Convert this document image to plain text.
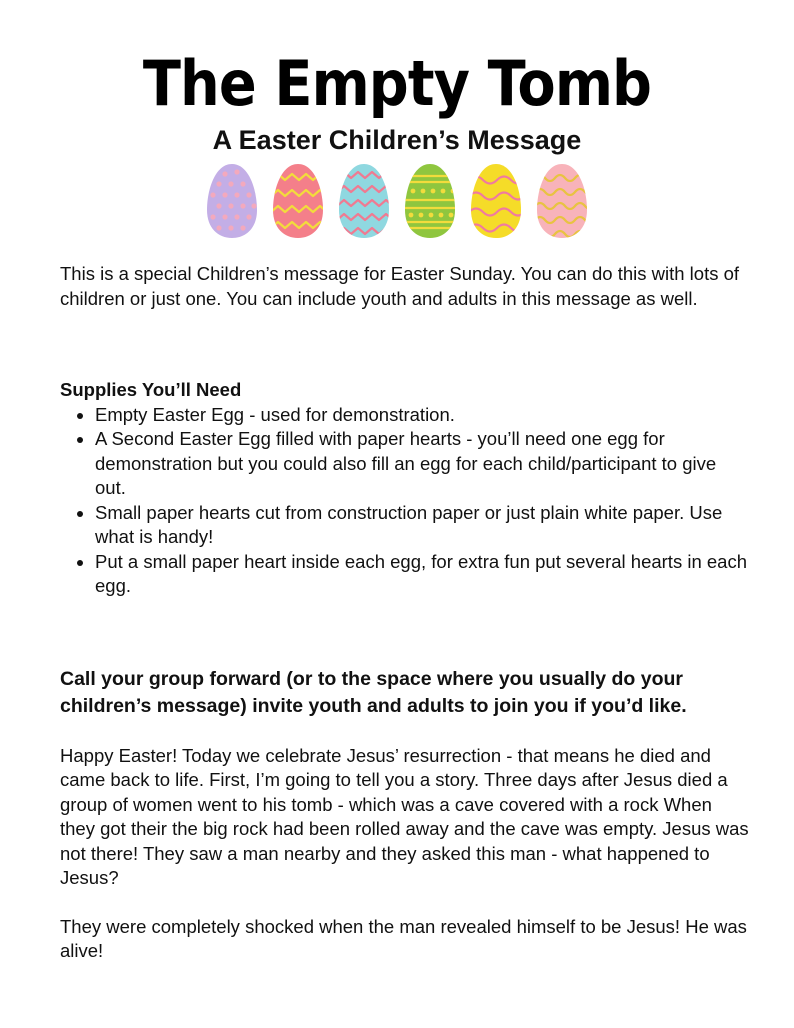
The Empty Tomb
A Easter Children’s Message

This is a special Children’s message for Easter Sunday. You can do this with lots of children or just one. You can include youth and adults in this message as well.

Supplies You’ll Need

• Empty Easter Egg - used for demonstration.
• A Second Easter Egg filled with paper hearts - you’ll need one egg for demonstration but you could also fill an egg for each child/participant to give out.
• Small paper hearts cut from construction paper or just plain white paper. Use what is handy!
• Put a small paper heart inside each egg, for extra fun put several hearts in each egg.

Call your group forward (or to the space where you usually do your children’s message) invite youth and adults to join you if you’d like.

Happy Easter! Today we celebrate Jesus’ resurrection - that means he died and came back to life. First, I’m going to tell you a story. Three days after Jesus died a group of women went to his tomb - which was a cave covered with a rock When they got their the big rock had been rolled away and the cave was empty. Jesus was not there! They saw a man nearby and they asked this man - what happened to Jesus?

They were completely shocked when the man revealed himself to be Jesus! He was alive!
